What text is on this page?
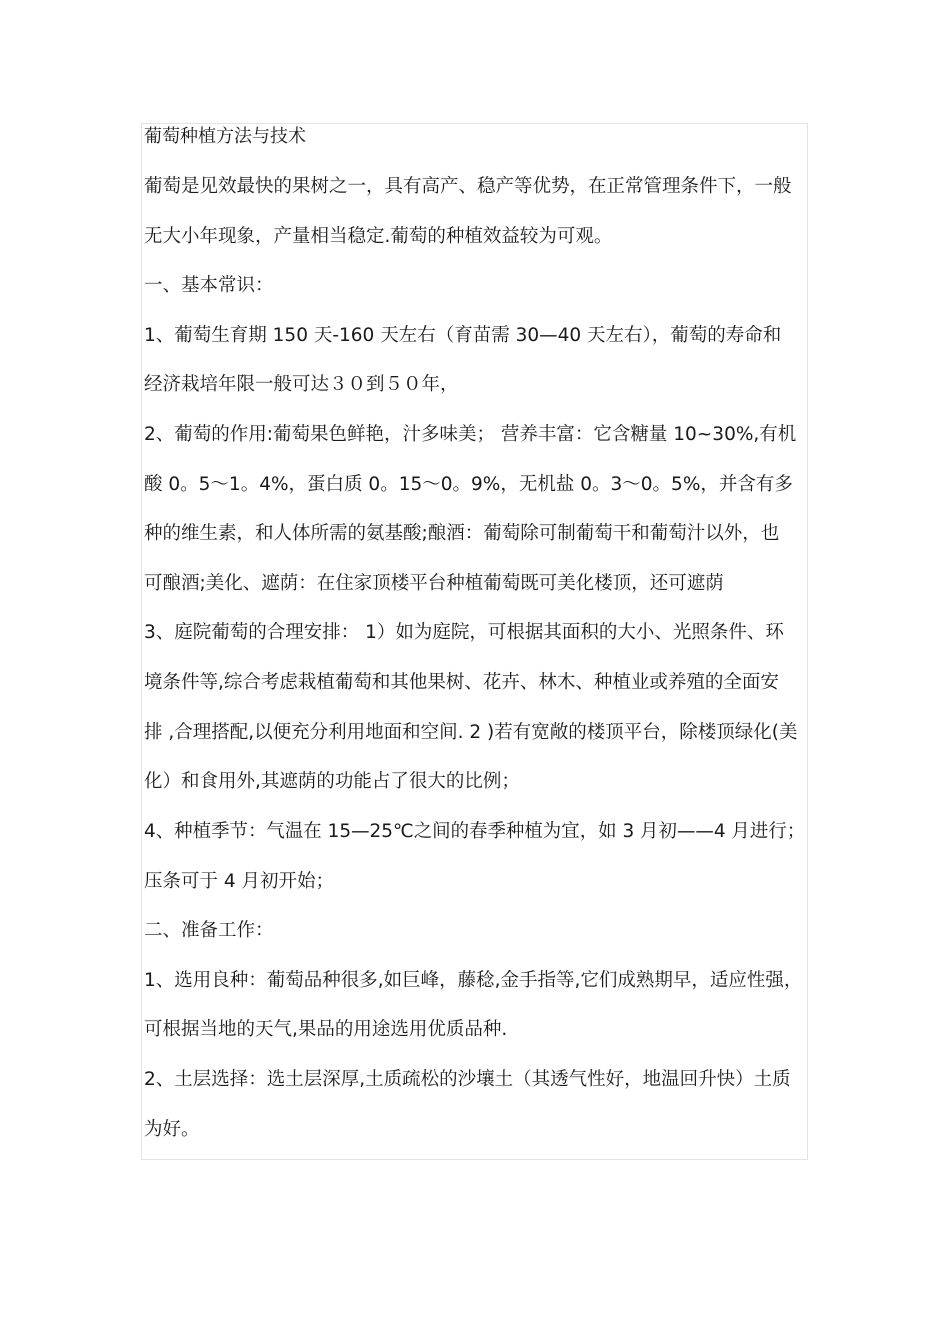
葡萄种植方法与技术
葡萄是见效最快的果树之一，具有高产、稳产等优势，在正常管理条件下，一般
无大小年现象，产量相当稳定.葡萄的种植效益较为可观。
一、基本常识：
1、葡萄生育期 150 天-160 天左右（育苗需 30—40 天左右），葡萄的寿命和
经济栽培年限一般可达３０到５０年，
2、葡萄的作用:葡萄果色鲜艳，汁多味美； 营养丰富：它含糖量 10~30%,有机
酸 0。5～1。4%，蛋白质 0。15～0。9%，无机盐 0。3～0。5%，并含有多
种的维生素，和人体所需的氨基酸;酿酒：葡萄除可制葡萄干和葡萄汁以外，也
可酿酒;美化、遮荫：在住家顶楼平台种植葡萄既可美化楼顶，还可遮荫
3、庭院葡萄的合理安排： 1）如为庭院，可根据其面积的大小、光照条件、环
境条件等,综合考虑栽植葡萄和其他果树、花卉、林木、种植业或养殖的全面安
排 ,合理搭配,以便充分利用地面和空间. 2 )若有宽敞的楼顶平台，除楼顶绿化(美
化）和食用外,其遮荫的功能占了很大的比例；
4、种植季节：气温在 15—25℃之间的春季种植为宜，如 3 月初——4 月进行；
压条可于 4 月初开始；
二、准备工作：
1、选用良种：葡萄品种很多,如巨峰，藤稔,金手指等,它们成熟期早，适应性强，
可根据当地的天气,果品的用途选用优质品种.
2、土层选择：选土层深厚,土质疏松的沙壤土（其透气性好，地温回升快）土质
为好。
